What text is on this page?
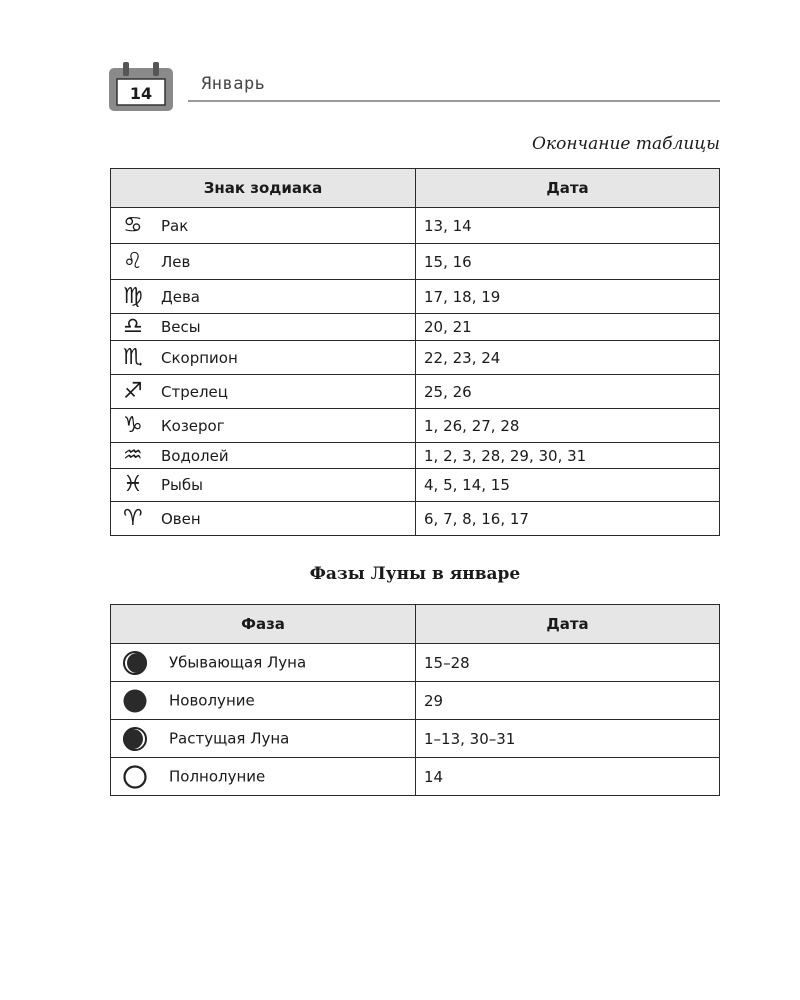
14	Январь
Окончание таблицы
Знак зодиака	Дата
♋ Рак	13, 14
♌ Лев	15, 16
♍ Дева	17, 18, 19
♎ Весы	20, 21
♏ Скорпион	22, 23, 24
♐ Стрелец	25, 26
♑ Козерог	1, 26, 27, 28
♒ Водолей	1, 2, 3, 28, 29, 30, 31
♓ Рыбы	4, 5, 14, 15
♈ Овен	6, 7, 8, 16, 17
Фазы Луны в январе
Фаза	Дата

Убывающая Луна	15–28

Новолуние	29

Растущая Луна	1–13, 30–31

Полнолуние	14
